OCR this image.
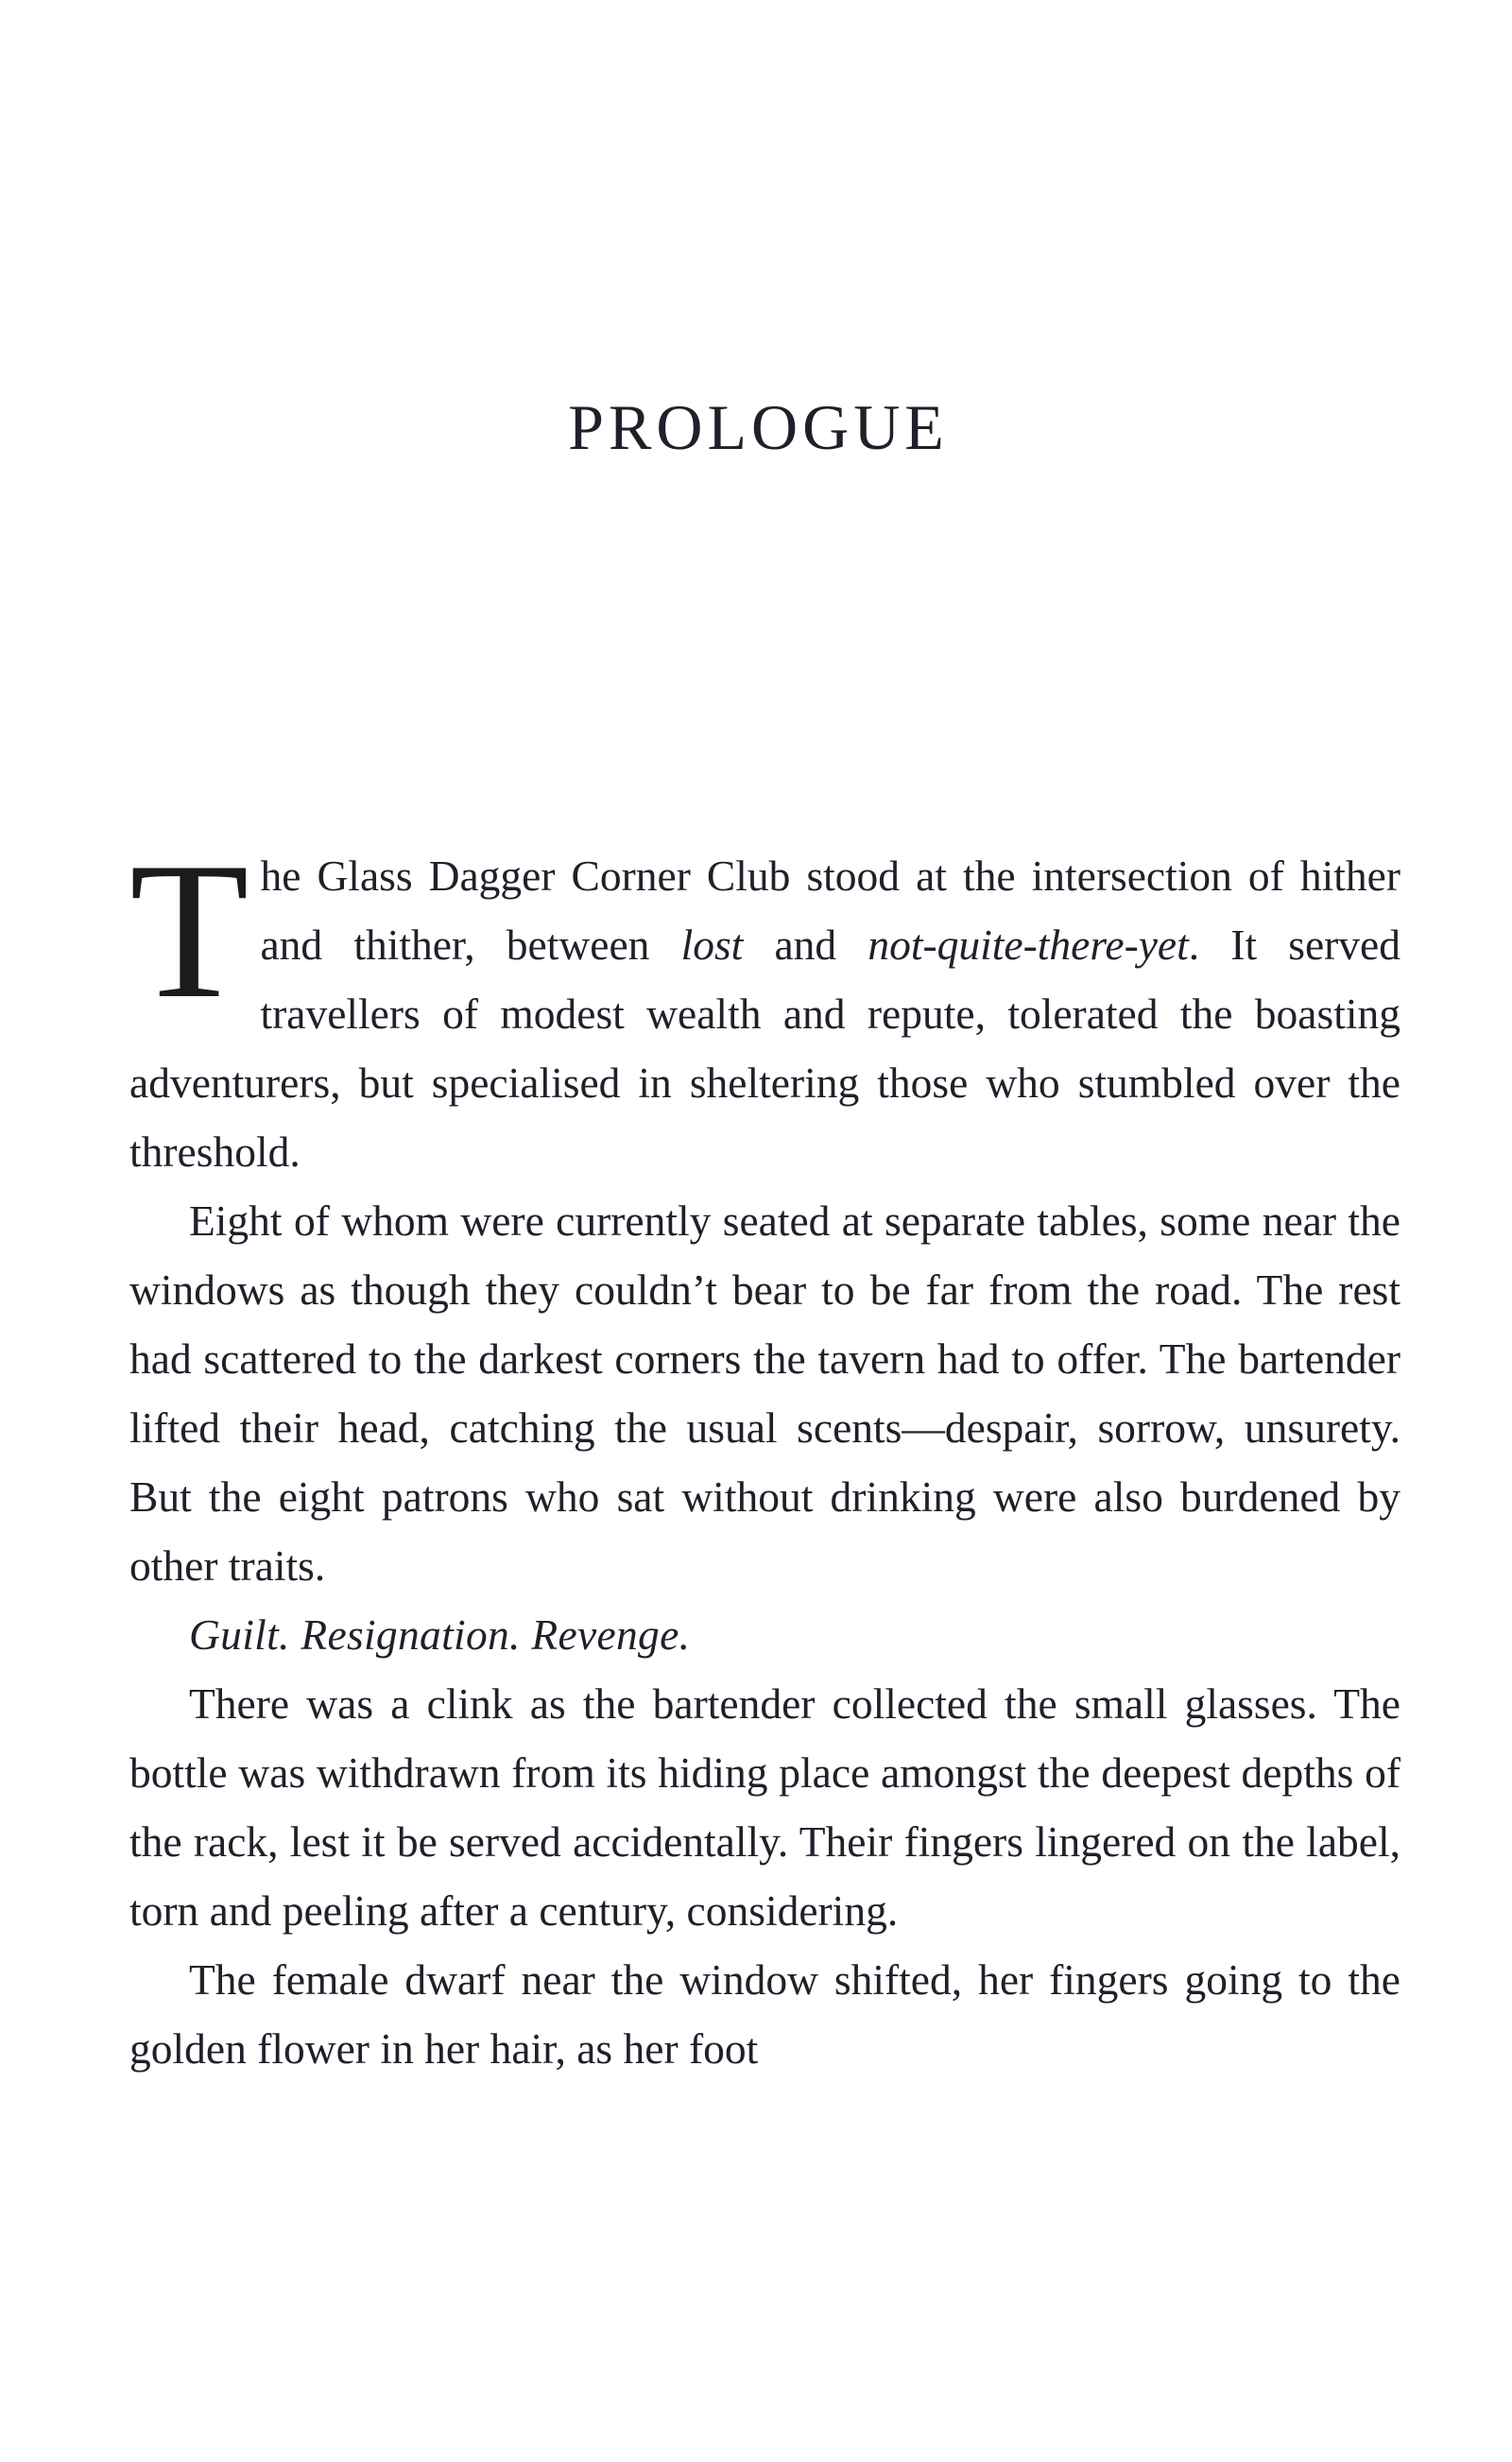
PROLOGUE

The Glass Dagger Corner Club stood at the intersection of hither and thither, between lost and not-quite-there-yet. It served travellers of modest wealth and repute, tolerated the boasting adventurers, but specialised in sheltering those who stumbled over the threshold.

Eight of whom were currently seated at separate tables, some near the windows as though they couldn’t bear to be far from the road. The rest had scattered to the darkest corners the tavern had to offer. The bartender lifted their head, catching the usual scents—despair, sorrow, unsurety. But the eight patrons who sat without drinking were also burdened by other traits.

Guilt. Resignation. Revenge.

There was a clink as the bartender collected the small glasses. The bottle was withdrawn from its hiding place amongst the deepest depths of the rack, lest it be served accidentally. Their fingers lingered on the label, torn and peeling after a century, considering.

The female dwarf near the window shifted, her fingers going to the golden flower in her hair, as her foot
